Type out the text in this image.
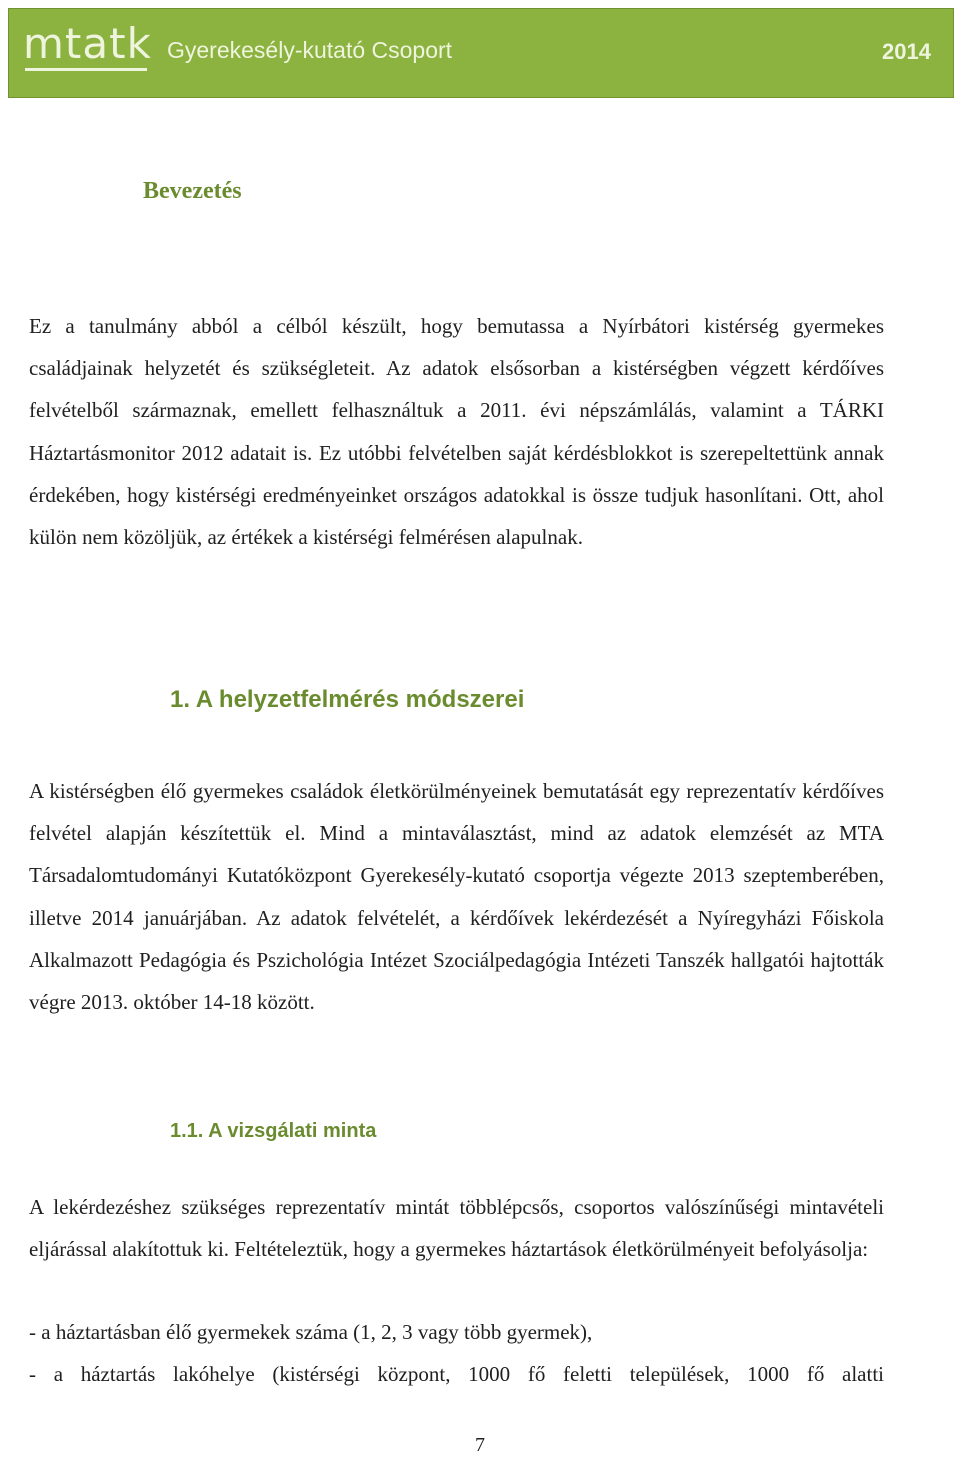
mtatk Gyerekesély-kutató Csoport	2014
Bevezetés

Ez a tanulmány abból a célból készült, hogy bemutassa a Nyírbátori kistérség gyermekes családjainak helyzetét és szükségleteit. Az adatok elsősorban a kistérségben végzett kérdőíves felvételből származnak, emellett felhasználtuk a 2011. évi népszámlálás, valamint a TÁRKI Háztartásmonitor 2012 adatait is. Ez utóbbi felvételben saját kérdésblokkot is szerepeltettünk annak érdekében, hogy kistérségi eredményeinket országos adatokkal is össze tudjuk hasonlítani. Ott, ahol külön nem közöljük, az értékek a kistérségi felmérésen alapulnak.

1. A helyzetfelmérés módszerei

A kistérségben élő gyermekes családok életkörülményeinek bemutatását egy reprezentatív kérdőíves felvétel alapján készítettük el. Mind a mintaválasztást, mind az adatok elemzését az MTA Társadalomtudományi Kutatóközpont Gyerekesély-kutató csoportja végezte 2013 szeptemberében, illetve 2014 januárjában. Az adatok felvételét, a kérdőívek lekérdezését a Nyíregyházi Főiskola Alkalmazott Pedagógia és Pszichológia Intézet Szociálpedagógia Intézeti Tanszék hallgatói hajtották végre 2013. október 14-18 között.

1.1. A vizsgálati minta

A lekérdezéshez szükséges reprezentatív mintát többlépcsős, csoportos valószínűségi mintavételi eljárással alakítottuk ki. Feltételeztük, hogy a gyermekes háztartások életkörülményeit befolyásolja:

- a háztartásban élő gyermekek száma (1, 2, 3 vagy több gyermek),

- a háztartás lakóhelye (kistérségi központ, 1000 fő feletti települések, 1000 fő alatti

7
